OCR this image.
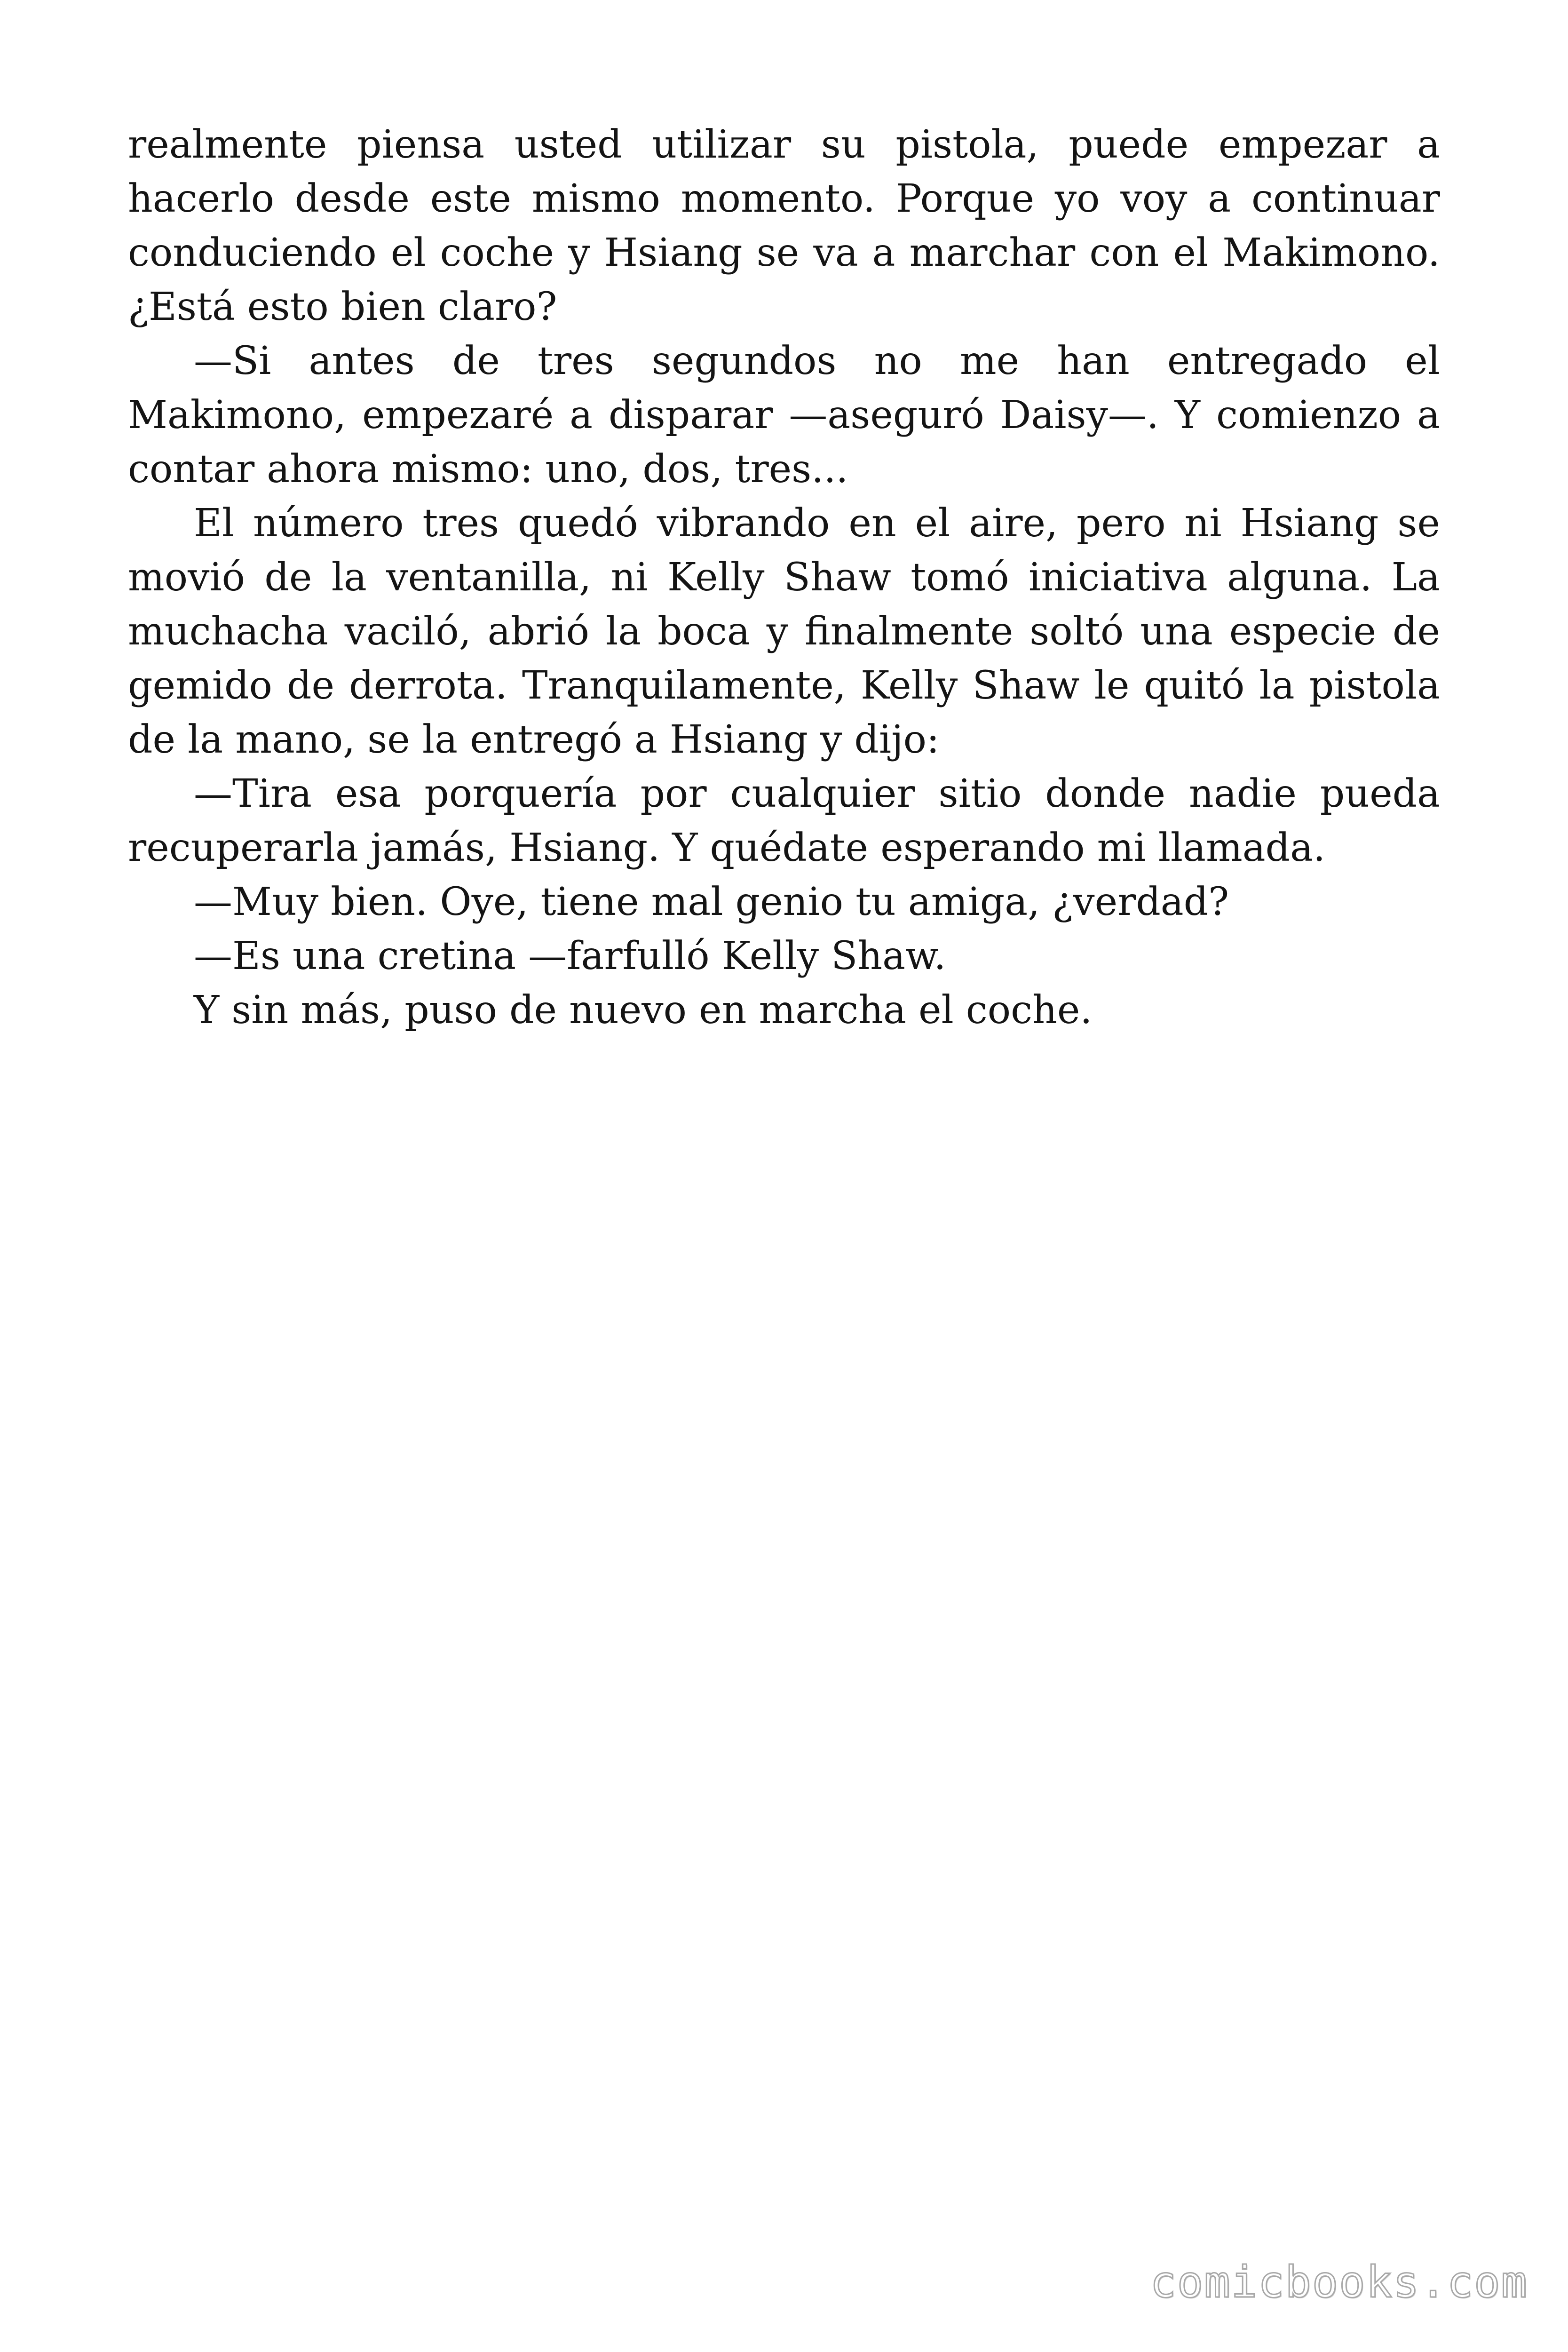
realmente piensa usted utilizar su pistola, puede empezar a hacerlo desde este mismo momento. Porque yo voy a continuar conduciendo el coche y Hsiang se va a marchar con el Makimono. ¿Está esto bien claro?

—Si antes de tres segundos no me han entregado el Makimono, empezaré a disparar —aseguró Daisy—. Y comienzo a contar ahora mismo: uno, dos, tres...

El número tres quedó vibrando en el aire, pero ni Hsiang se movió de la ventanilla, ni Kelly Shaw tomó iniciativa alguna. La muchacha vaciló, abrió la boca y finalmente soltó una especie de gemido de derrota. Tranquilamente, Kelly Shaw le quitó la pistola de la mano, se la entregó a Hsiang y dijo:

—Tira esa porquería por cualquier sitio donde nadie pueda recuperarla jamás, Hsiang. Y quédate esperando mi llamada.

—Muy bien. Oye, tiene mal genio tu amiga, ¿verdad?

—Es una cretina —farfulló Kelly Shaw.

Y sin más, puso de nuevo en marcha el coche.

comicbooks.com
